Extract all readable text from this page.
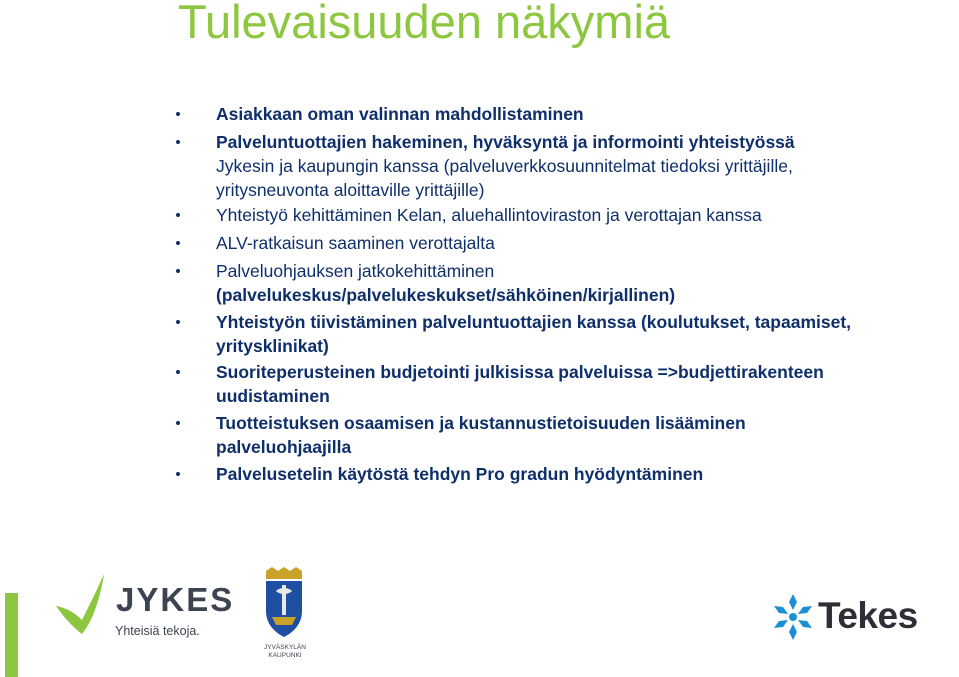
Tulevaisuuden näkymiä
Asiakkaan oman valinnan mahdollistaminen
Palveluntuottajien hakeminen, hyväksyntä ja informointi yhteistyössä
Jykesin ja kaupungin kanssa (palveluverkkosuunnitelmat tiedoksi yrittäjille,
yritysneuvonta aloittaville yrittäjille)
Yhteistyö kehittäminen Kelan, aluehallintoviraston ja verottajan kanssa
ALV-ratkaisun saaminen verottajalta
Palveluohjauksen jatkokehittäminen
(palvelukeskus/palvelukeskukset/sähköinen/kirjallinen)
Yhteistyön tiivistäminen palveluntuottajien kanssa (koulutukset, tapaamiset,
yritysklinikat)
Suoriteperusteinen budjetointi julkisissa palveluissa =>budjettirakenteen
uudistaminen
Tuotteistuksen osaamisen ja kustannustietoisuuden lisääminen
palveluohjaajilla
Palvelusetelin käytöstä tehdyn Pro gradun hyödyntäminen
JYKES
Yhteisiä tekoja.
JYVÄSKYLÄN
KAUPUNKI
Tekes
